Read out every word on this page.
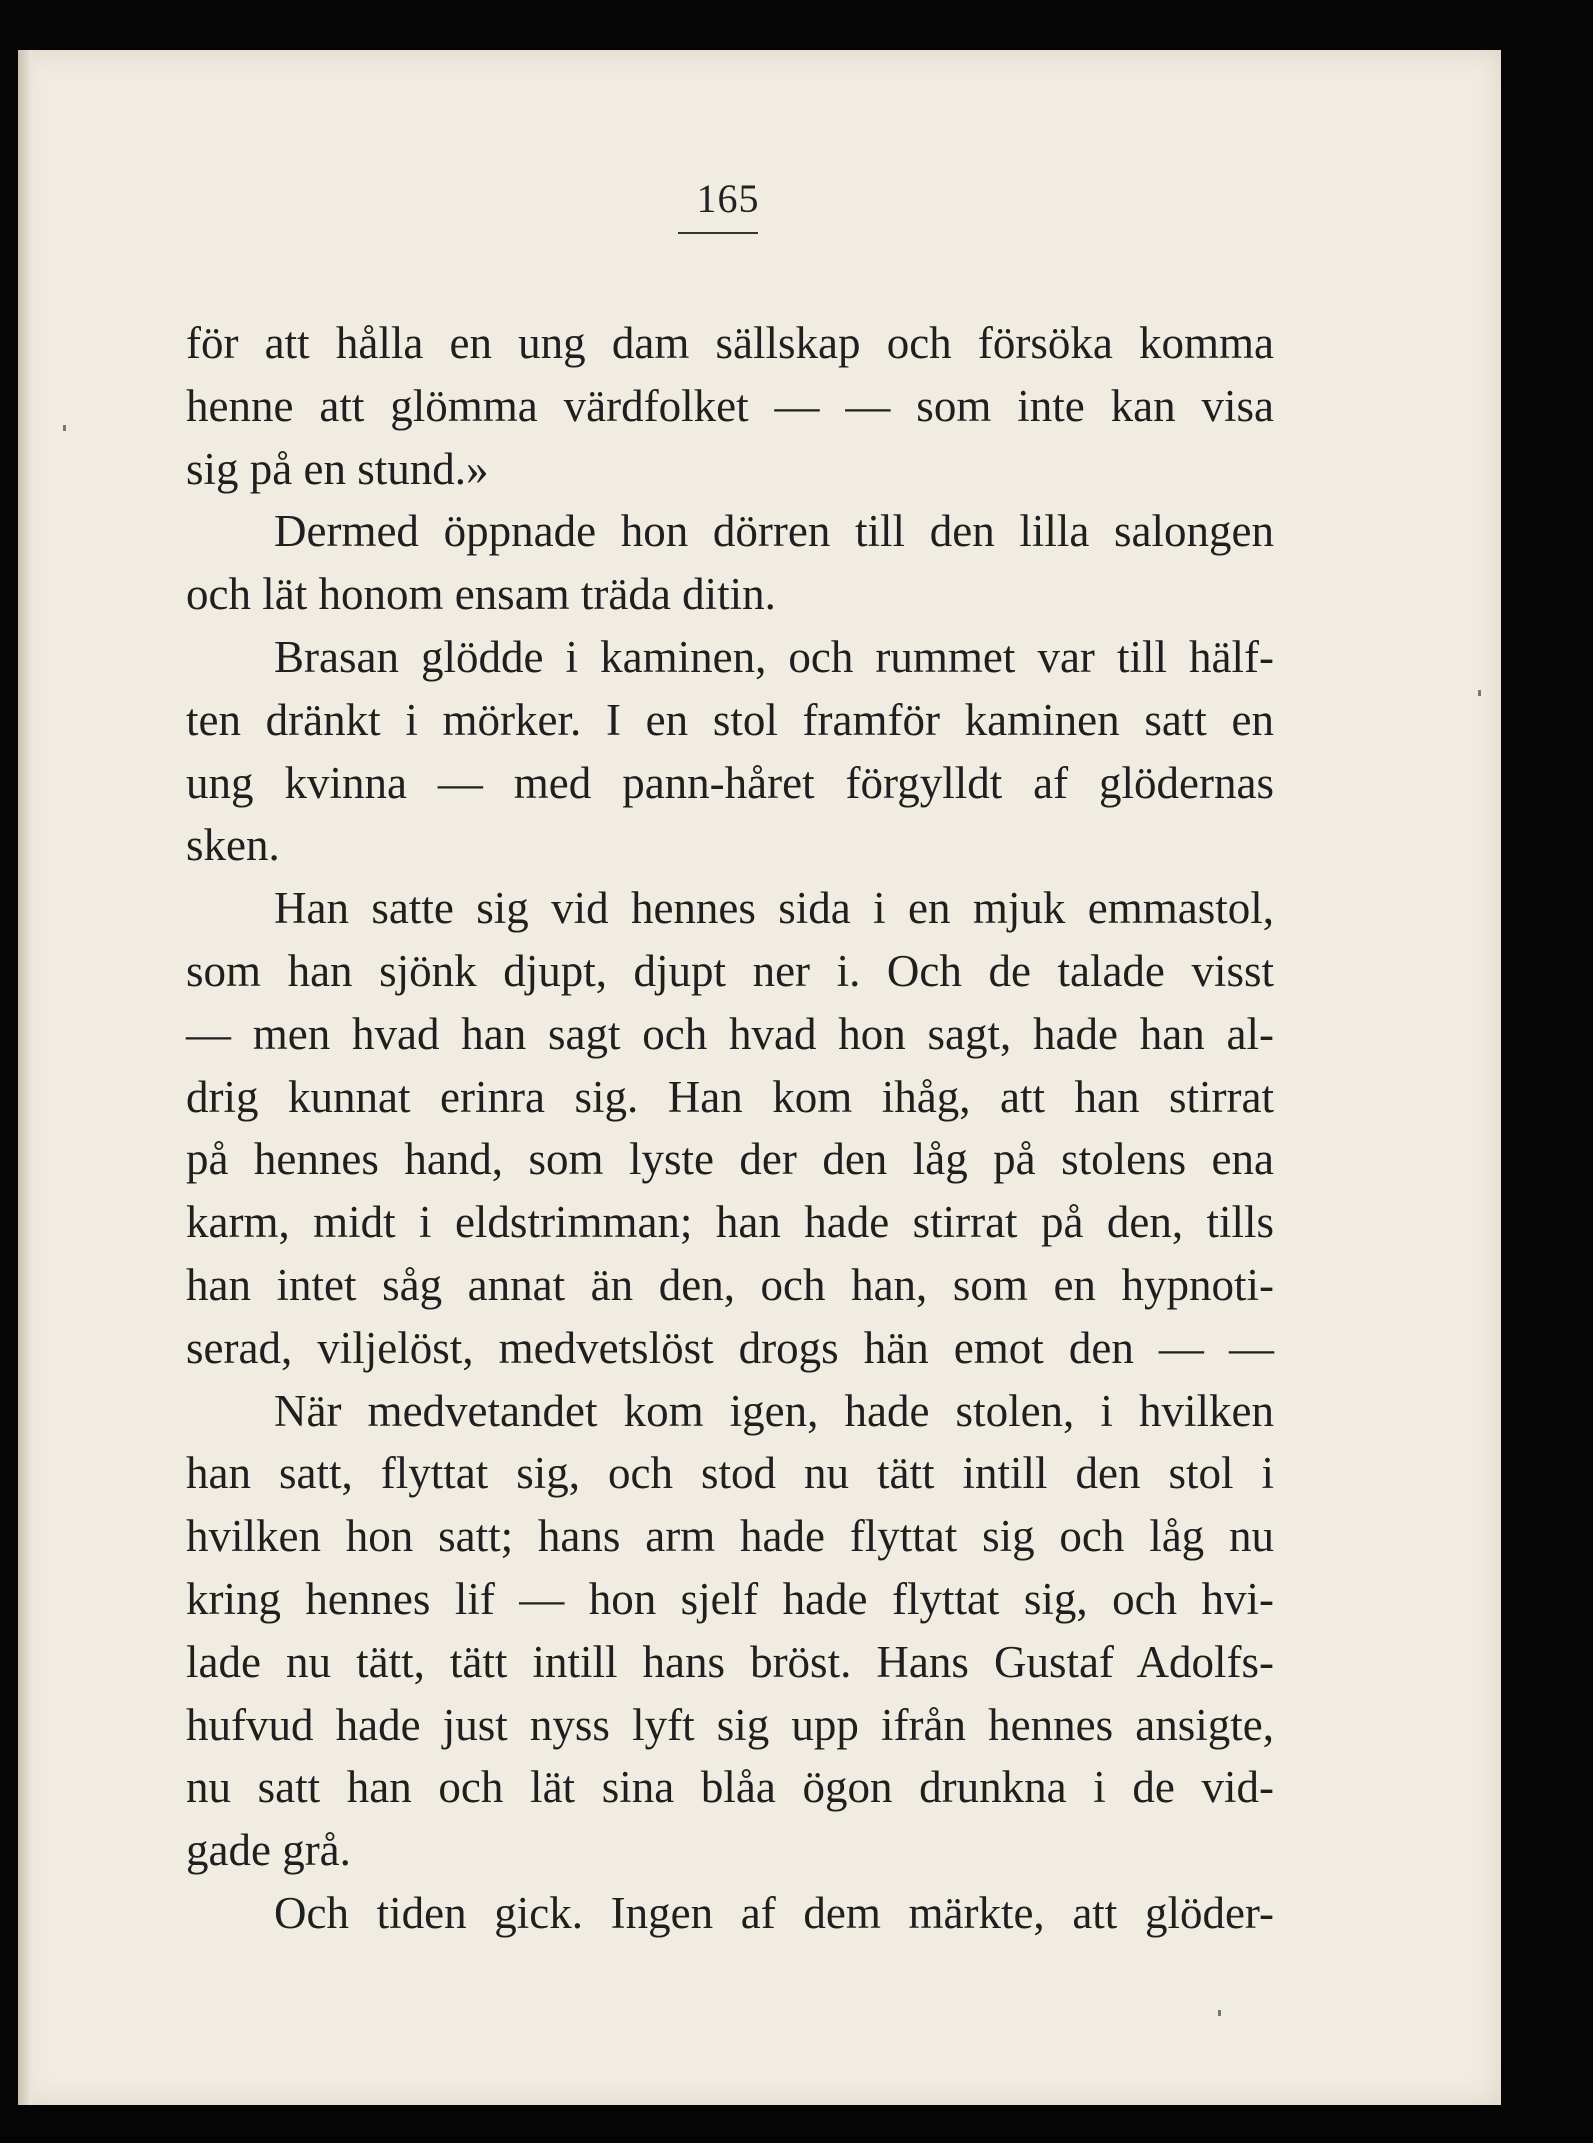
165
för att hålla en ung dam sällskap och försöka komma
henne att glömma värdfolket — — som inte kan visa
sig på en stund.»
Dermed öppnade hon dörren till den lilla salongen
och lät honom ensam träda ditin.
Brasan glödde i kaminen, och rummet var till hälf-
ten dränkt i mörker. I en stol framför kaminen satt en
ung kvinna — med pann-håret förgylldt af glödernas
sken.
Han satte sig vid hennes sida i en mjuk emmastol,
som han sjönk djupt, djupt ner i. Och de talade visst
— men hvad han sagt och hvad hon sagt, hade han al-
drig kunnat erinra sig. Han kom ihåg, att han stirrat
på hennes hand, som lyste der den låg på stolens ena
karm, midt i eldstrimman; han hade stirrat på den, tills
han intet såg annat än den, och han, som en hypnoti-
serad, viljelöst, medvetslöst drogs hän emot den — —
När medvetandet kom igen, hade stolen, i hvilken
han satt, flyttat sig, och stod nu tätt intill den stol i
hvilken hon satt; hans arm hade flyttat sig och låg nu
kring hennes lif — hon sjelf hade flyttat sig, och hvi-
lade nu tätt, tätt intill hans bröst. Hans Gustaf Adolfs-
hufvud hade just nyss lyft sig upp ifrån hennes ansigte,
nu satt han och lät sina blåa ögon drunkna i de vid-
gade grå.
Och tiden gick. Ingen af dem märkte, att glöder-
